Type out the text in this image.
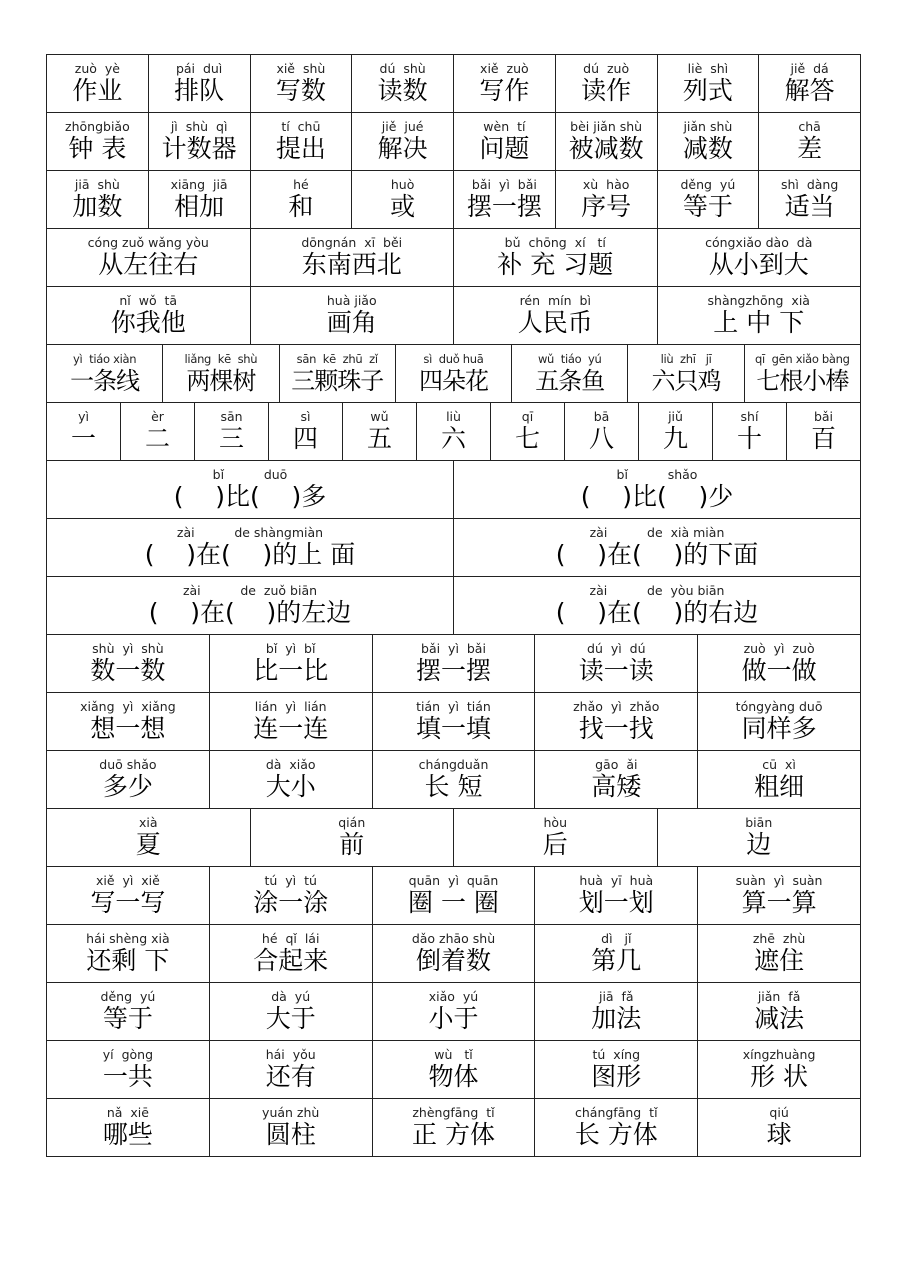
zuò  yè
作业
pái  duì
排队
xiě  shù
写数
dú  shù
读数
xiě  zuò
写作
dú  zuò
读作
liè  shì
列式
jiě  dá
解答
zhōngbiǎo
钟 表
jì  shù  qì
计数器
tí  chū
提出
jiě  jué
解决
wèn  tí
问题
bèi jiǎn shù
被减数
jiǎn shù
减数
chā
差
jiā  shù
加数
xiāng  jiā
相加
hé
和
huò
或
bǎi  yì  bǎi
摆一摆
xù  hào
序号
děng  yú
等于
shì  dàng
适当
cóng zuǒ wǎng yòu
从左往右
dōngnán  xī  běi
东南西北
bǔ  chōng  xí   tí
补 充 习题
cóngxiǎo dào  dà
从小到大
nǐ  wǒ  tā
你我他
huà jiǎo
画角
rén  mín  bì
人民币
shàngzhōng  xià
上 中 下
yì  tiáo xiàn
一条线
liǎng  kē  shù
两棵树
sān  kē  zhū  zǐ
三颗珠子
sì  duǒ huā
四朵花
wǔ  tiáo  yú
五条鱼
liù  zhī   jī
六只鸡
qī  gēn xiǎo bàng
七根小棒
yì
一
èr
二
sān
三
sì
四
wǔ
五
liù
六
qī
七
bā
八
jiǔ
九
shí
十
bǎi
百
bǐ          duō
(    )比(    )多
bǐ          shǎo
(    )比(    )少
zài          de shàngmiàn
(    )在(    )的上 面
zài          de  xià miàn
(    )在(    )的下面
zài          de  zuǒ biān
(    )在(    )的左边
zài          de  yòu biān
(    )在(    )的右边
shù  yì  shù
数一数
bǐ  yì  bǐ
比一比
bǎi  yì  bǎi
摆一摆
dú  yì  dú
读一读
zuò  yì  zuò
做一做
xiǎng  yì  xiǎng
想一想
lián  yì  lián
连一连
tián  yì  tián
填一填
zhǎo  yì  zhǎo
找一找
tóngyàng duō
同样多
duō shǎo
多少
dà  xiǎo
大小
chángduǎn
长 短
gāo  ǎi
高矮
cū  xì
粗细
xià
夏
qián
前
hòu
后
biān
边
xiě  yì  xiě
写一写
tú  yì  tú
涂一涂
quān  yì  quān
圈 一 圈
huà  yī  huà
划一划
suàn  yì  suàn
算一算
hái shèng xià
还剩 下
hé  qǐ  lái
合起来
dǎo zhāo shù
倒着数
dì   jǐ
第几
zhē  zhù
遮住
děng  yú
等于
dà  yú
大于
xiǎo  yú
小于
jiā  fǎ
加法
jiǎn  fǎ
减法
yí  gòng
一共
hái  yǒu
还有
wù   tǐ
物体
tú  xíng
图形
xíngzhuàng
形 状
nǎ  xiē
哪些
yuán zhù
圆柱
zhèngfāng  tǐ
正 方体
chángfāng  tǐ
长 方体
qiú
球
